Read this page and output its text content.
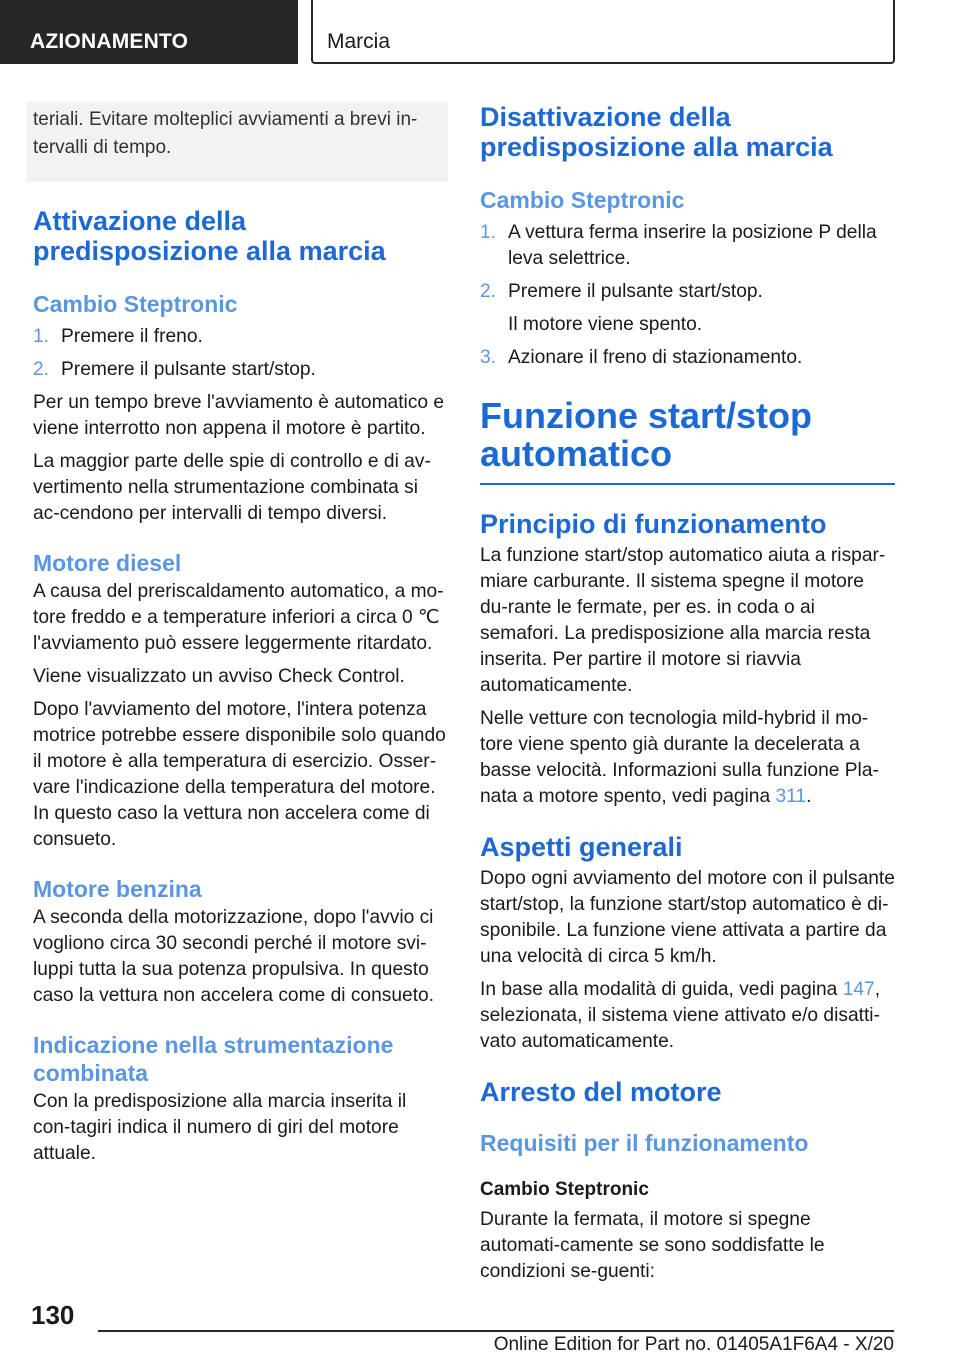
AZIONAMENTO	Marcia
teriali. Evitare molteplici avviamenti a brevi in-tervalli di tempo.
Attivazione della predisposizione alla marcia
Cambio Steptronic
1. Premere il freno.
2. Premere il pulsante start/stop.

Per un tempo breve l'avviamento è automatico e viene interrotto non appena il motore è partito.

La maggior parte delle spie di controllo e di av-vertimento nella strumentazione combinata si ac-cendono per intervalli di tempo diversi.

Motore diesel

A causa del preriscaldamento automatico, a mo-tore freddo e a temperature inferiori a circa 0 ℃ l'avviamento può essere leggermente ritardato.

Viene visualizzato un avviso Check Control.

Dopo l'avviamento del motore, l'intera potenza motrice potrebbe essere disponibile solo quando il motore è alla temperatura di esercizio. Osser-vare l'indicazione della temperatura del motore. In questo caso la vettura non accelera come di consueto.

Motore benzina

A seconda della motorizzazione, dopo l'avvio ci vogliono circa 30 secondi perché il motore svi-luppi tutta la sua potenza propulsiva. In questo caso la vettura non accelera come di consueto.

Indicazione nella strumentazione combinata

Con la predisposizione alla marcia inserita il con-tagiri indica il numero di giri del motore attuale.

Disattivazione della predisposizione alla marcia
Cambio Steptronic
1. A vettura ferma inserire la posizione P della leva selettrice.
2. Premere il pulsante start/stop.
Il motore viene spento.
3. Azionare il freno di stazionamento.
Funzione start/stop automatico
Principio di funzionamento

La funzione start/stop automatico aiuta a rispar-miare carburante. Il sistema spegne il motore du-rante le fermate, per es. in coda o ai semafori. La predisposizione alla marcia resta inserita. Per partire il motore si riavvia automaticamente.

Nelle vetture con tecnologia mild-hybrid il mo-tore viene spento già durante la decelerata a basse velocità. Informazioni sulla funzione Pla-nata a motore spento, vedi pagina 311.

Aspetti generali

Dopo ogni avviamento del motore con il pulsante start/stop, la funzione start/stop automatico è di-sponibile. La funzione viene attivata a partire da una velocità di circa 5 km/h.

In base alla modalità di guida, vedi pagina 147, selezionata, il sistema viene attivato e/o disatti-vato automaticamente.

Arresto del motore
Requisiti per il funzionamento
Cambio Steptronic

Durante la fermata, il motore si spegne automati-camente se sono soddisfatte le condizioni se-guenti:

130
Online Edition for Part no. 01405A1F6A4 - X/20
